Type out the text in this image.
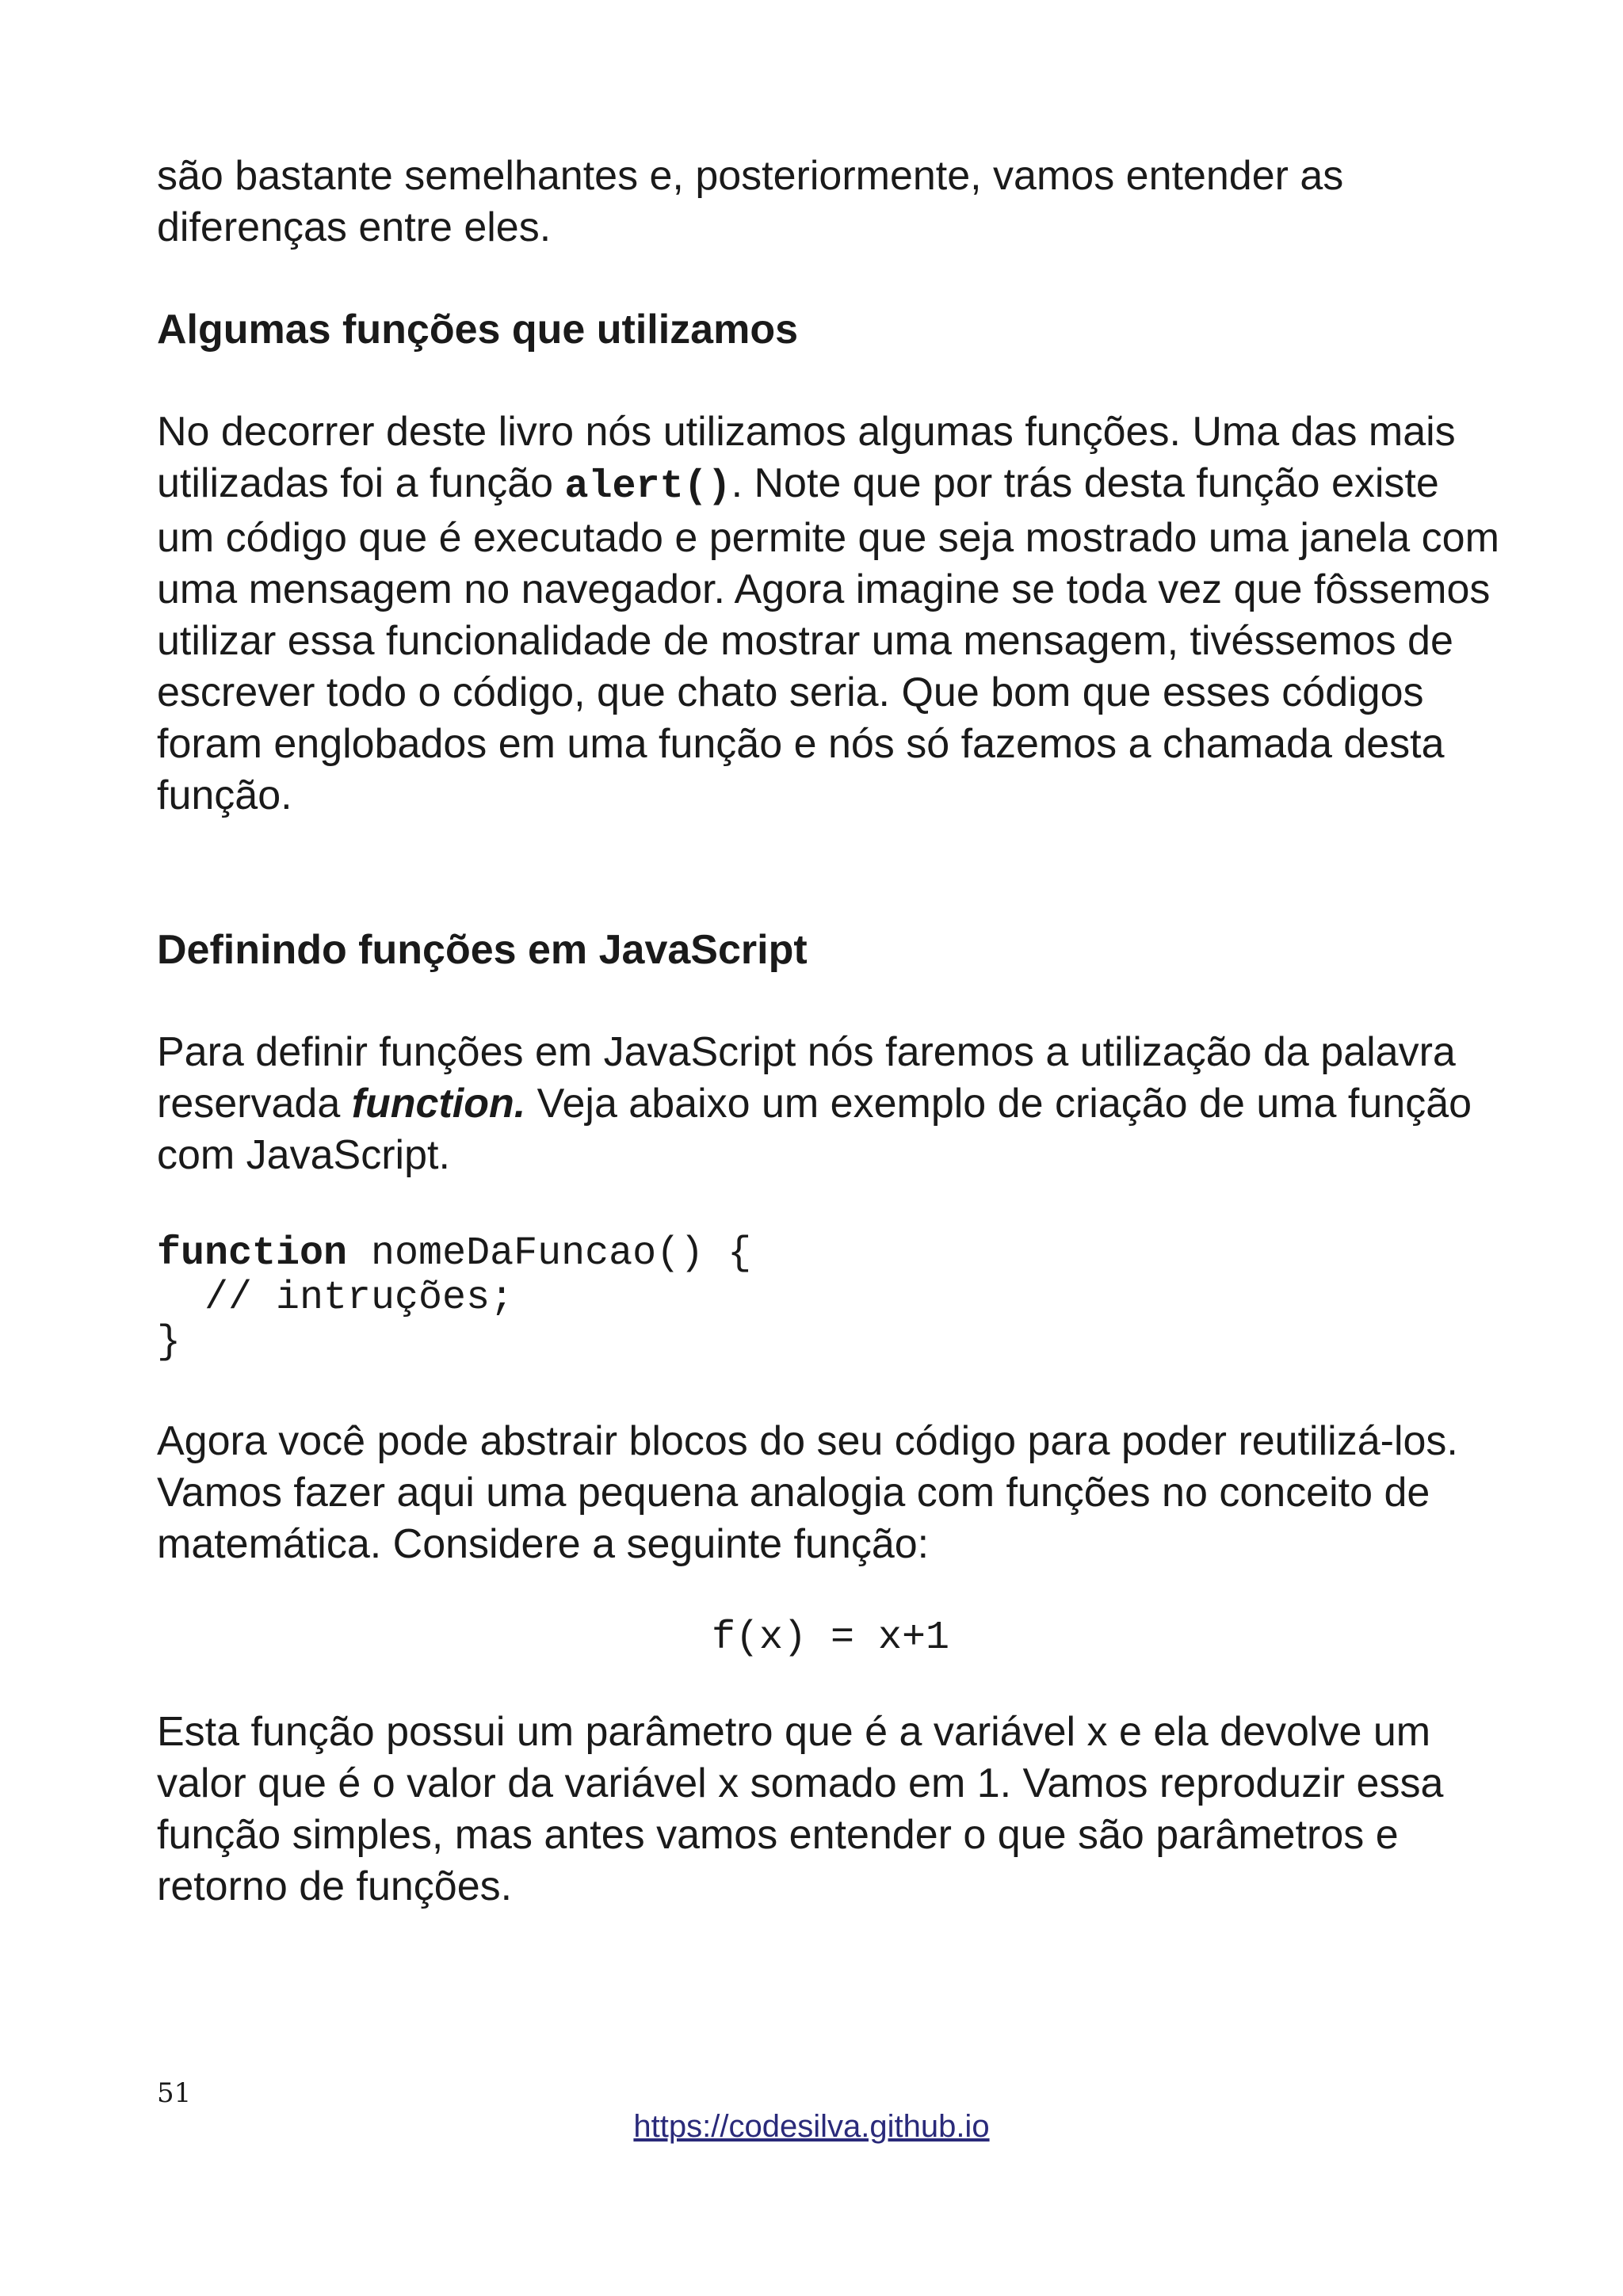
são bastante semelhantes e, posteriormente, vamos entender as
diferenças entre eles.

Algumas funções que utilizamos

No decorrer deste livro nós utilizamos algumas funções. Uma das mais utilizadas foi a função alert(). Note que por trás desta função existe um código que é executado e permite que seja mostrado uma janela com uma mensagem no navegador. Agora imagine se toda vez que fôssemos utilizar essa funcionalidade de mostrar uma mensagem, tivéssemos de escrever todo o código, que chato seria. Que bom que esses códigos foram englobados em uma função e nós só fazemos a chamada desta função.

Definindo funções em JavaScript

Para definir funções em JavaScript nós faremos a utilização da palavra reservada function. Veja abaixo um exemplo de criação de uma função com JavaScript.

function nomeDaFuncao() {
// intruções;
}

Agora você pode abstrair blocos do seu código para poder reutilizá-los. Vamos fazer aqui uma pequena analogia com funções no conceito de matemática. Considere a seguinte função:

f(x) = x+1

Esta função possui um parâmetro que é a variável x e ela devolve um valor que é o valor da variável x somado em 1. Vamos reproduzir essa função simples, mas antes vamos entender o que são parâmetros e retorno de funções.

51
https://codesilva.github.io
